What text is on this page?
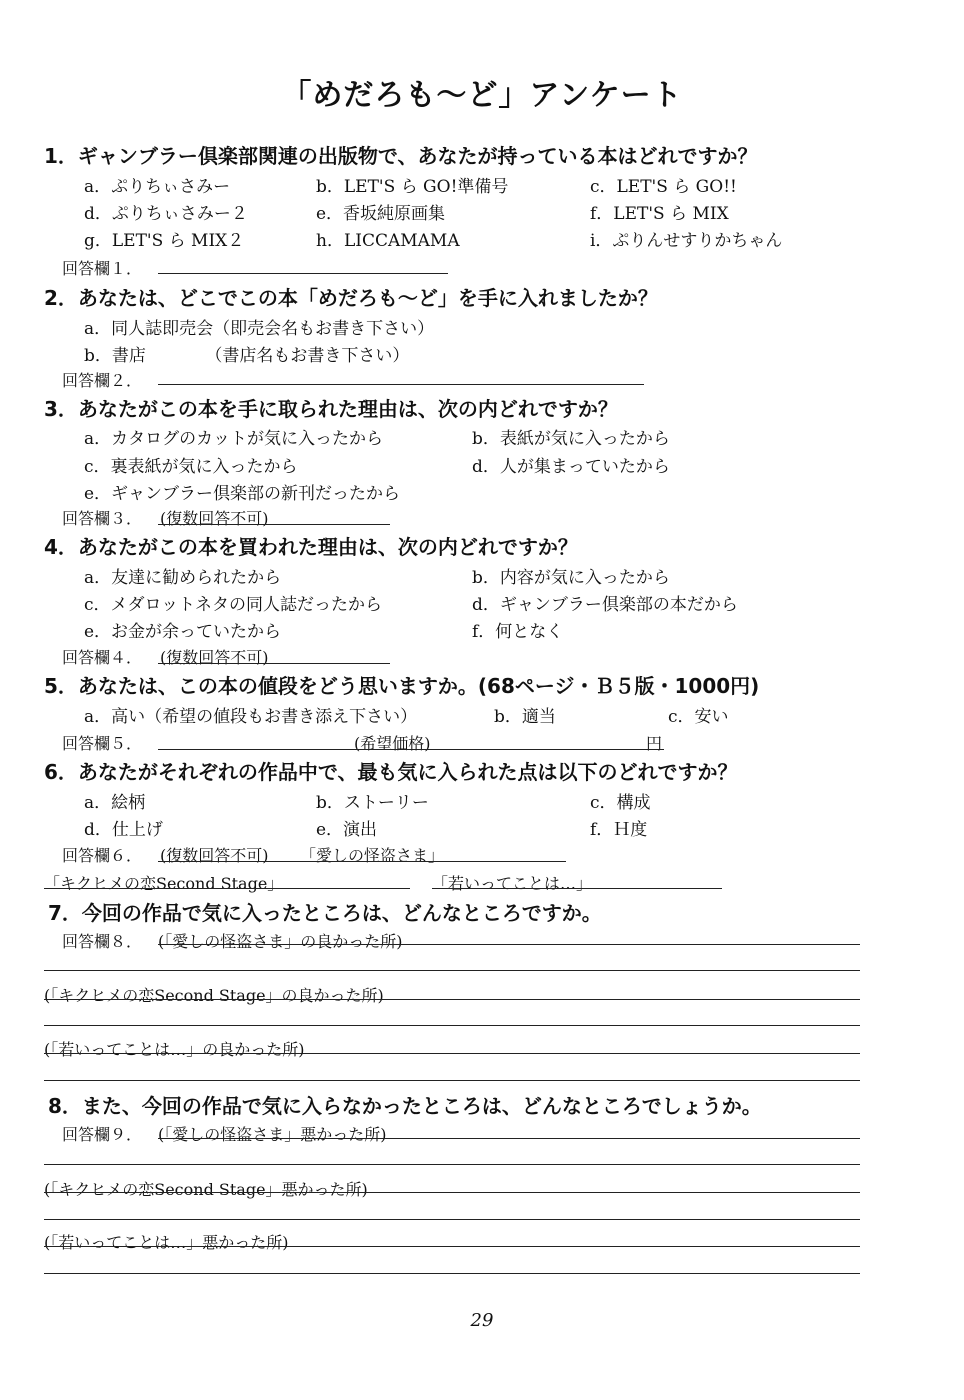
「めだろも〜ど」アンケート
1．ギャンブラー倶楽部関連の出版物で、あなたが持っている本はどれですか？
a．ぷりちぃさみー	b．LET'S ら GO!準備号	c．LET'S ら GO!!
d．ぷりちぃさみー２	e．香坂純原画集	f．LET'S ら MIX
g．LET'S ら MIX２	h．LICCAMAMA	i．ぷりんせすりかちゃん
回答欄１．
2．あなたは、どこでこの本「めだろも〜ど」を手に入れましたか？
a．同人誌即売会（即売会名もお書き下さい）
b．書店　　　　（書店名もお書き下さい）
回答欄２．
3．あなたがこの本を手に取られた理由は、次の内どれですか？
a．カタログのカットが気に入ったから	b．表紙が気に入ったから
c．裏表紙が気に入ったから	d．人が集まっていたから
e．ギャンブラー倶楽部の新刊だったから
回答欄３． (復数回答不可)
4．あなたがこの本を買われた理由は、次の内どれですか？
a．友達に勧められたから	b．内容が気に入ったから
c．メダロットネタの同人誌だったから	d．ギャンブラー倶楽部の本だから
e．お金が余っていたから	f．何となく
回答欄４． (復数回答不可)
5．あなたは、この本の値段をどう思いますか。(68ページ・Ｂ５版・1000円)
a．高い（希望の値段もお書き添え下さい）	b．適当	c．安い
回答欄５．	(希望価格)	円
6．あなたがそれぞれの作品中で、最も気に入られた点は以下のどれですか？
a．絵柄	b．ストーリー	c．構成
d．仕上げ	e．演出	f．Ｈ度
回答欄６． (復数回答不可) 「愛しの怪盗さま」
「キクヒメの恋Second Stage」	「若いってことは…」
7．今回の作品で気に入ったところは、どんなところですか。
回答欄８． (「愛しの怪盗さま」の良かった所)
(「キクヒメの恋Second Stage」の良かった所)
(「若いってことは…」の良かった所)
8．また、今回の作品で気に入らなかったところは、どんなところでしょうか。
回答欄９． (「愛しの怪盗さま」悪かった所)
(「キクヒメの恋Second Stage」悪かった所)
(「若いってことは…」悪かった所)
29
